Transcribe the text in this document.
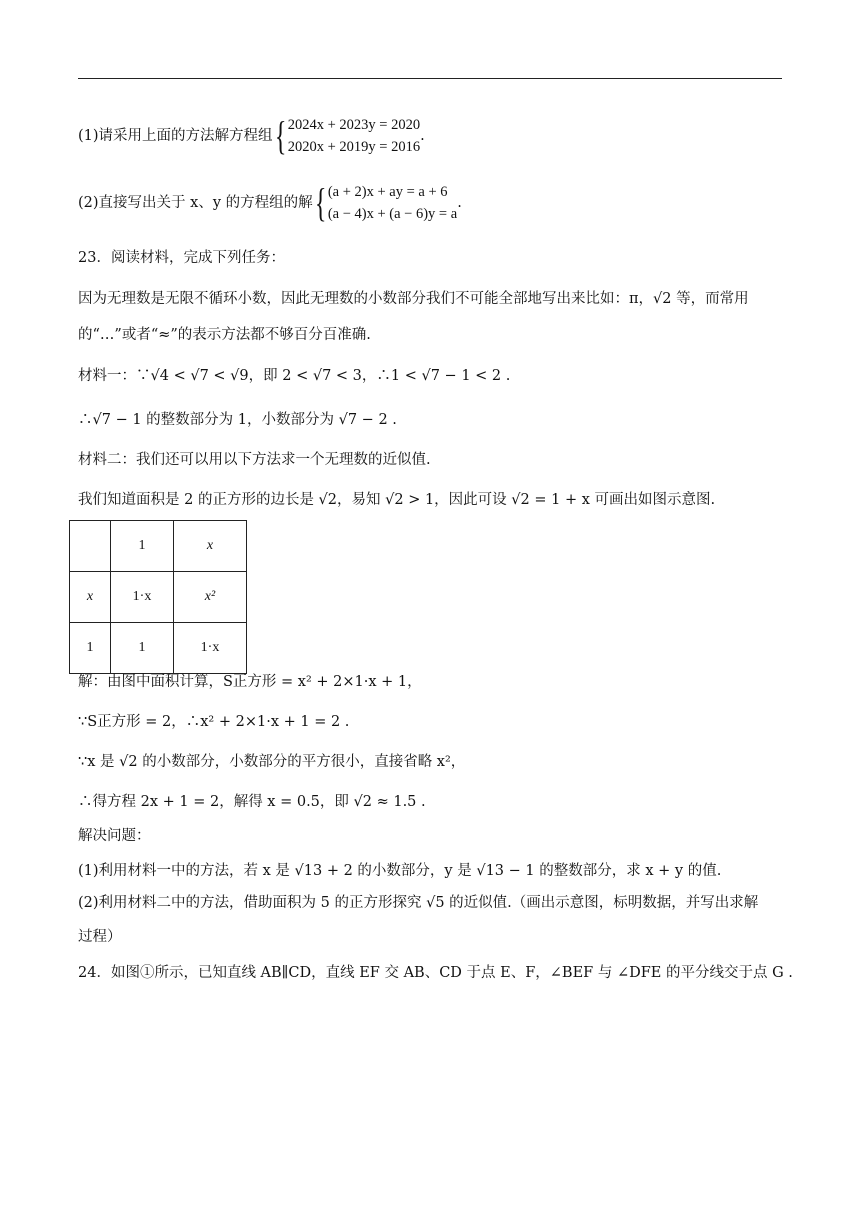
(1)请采用上面的方法解方程组{ 2024x + 2023y = 2020
2020x + 2019y = 2016.
(2)直接写出关于 x、y 的方程组的解{ (a + 2)x + ay = a + 6
(a − 4)x + (a − 6)y = a.
23．阅读材料，完成下列任务：
因为无理数是无限不循环小数，因此无理数的小数部分我们不可能全部地写出来比如：π，√2 等，而常用
的“…”或者“≈”的表示方法都不够百分百准确.
材料一：∵√4 < √7 < √9，即 2 < √7 < 3，∴1 < √7 − 1 < 2 .
∴√7 − 1 的整数部分为 1，小数部分为 √7 − 2 .
材料二：我们还可以用以下方法求一个无理数的近似值.
我们知道面积是 2 的正方形的边长是 √2，易知 √2 > 1，因此可设 √2 = 1 + x 可画出如图示意图.
	1	x
x	1·x	x²
1	1	1·x
解：由图中面积计算，S正方形 = x² + 2×1·x + 1，
∵S正方形 = 2，∴x² + 2×1·x + 1 = 2 .
∵x 是 √2 的小数部分，小数部分的平方很小，直接省略 x²，
∴得方程 2x + 1 = 2，解得 x = 0.5，即 √2 ≈ 1.5 .
解决问题：
(1)利用材料一中的方法，若 x 是 √13 + 2 的小数部分，y 是 √13 − 1 的整数部分，求 x + y 的值.
(2)利用材料二中的方法，借助面积为 5 的正方形探究 √5 的近似值.（画出示意图，标明数据，并写出求解
过程）
24．如图①所示，已知直线 AB∥CD，直线 EF 交 AB、CD 于点 E、F，∠BEF 与 ∠DFE 的平分线交于点 G .
